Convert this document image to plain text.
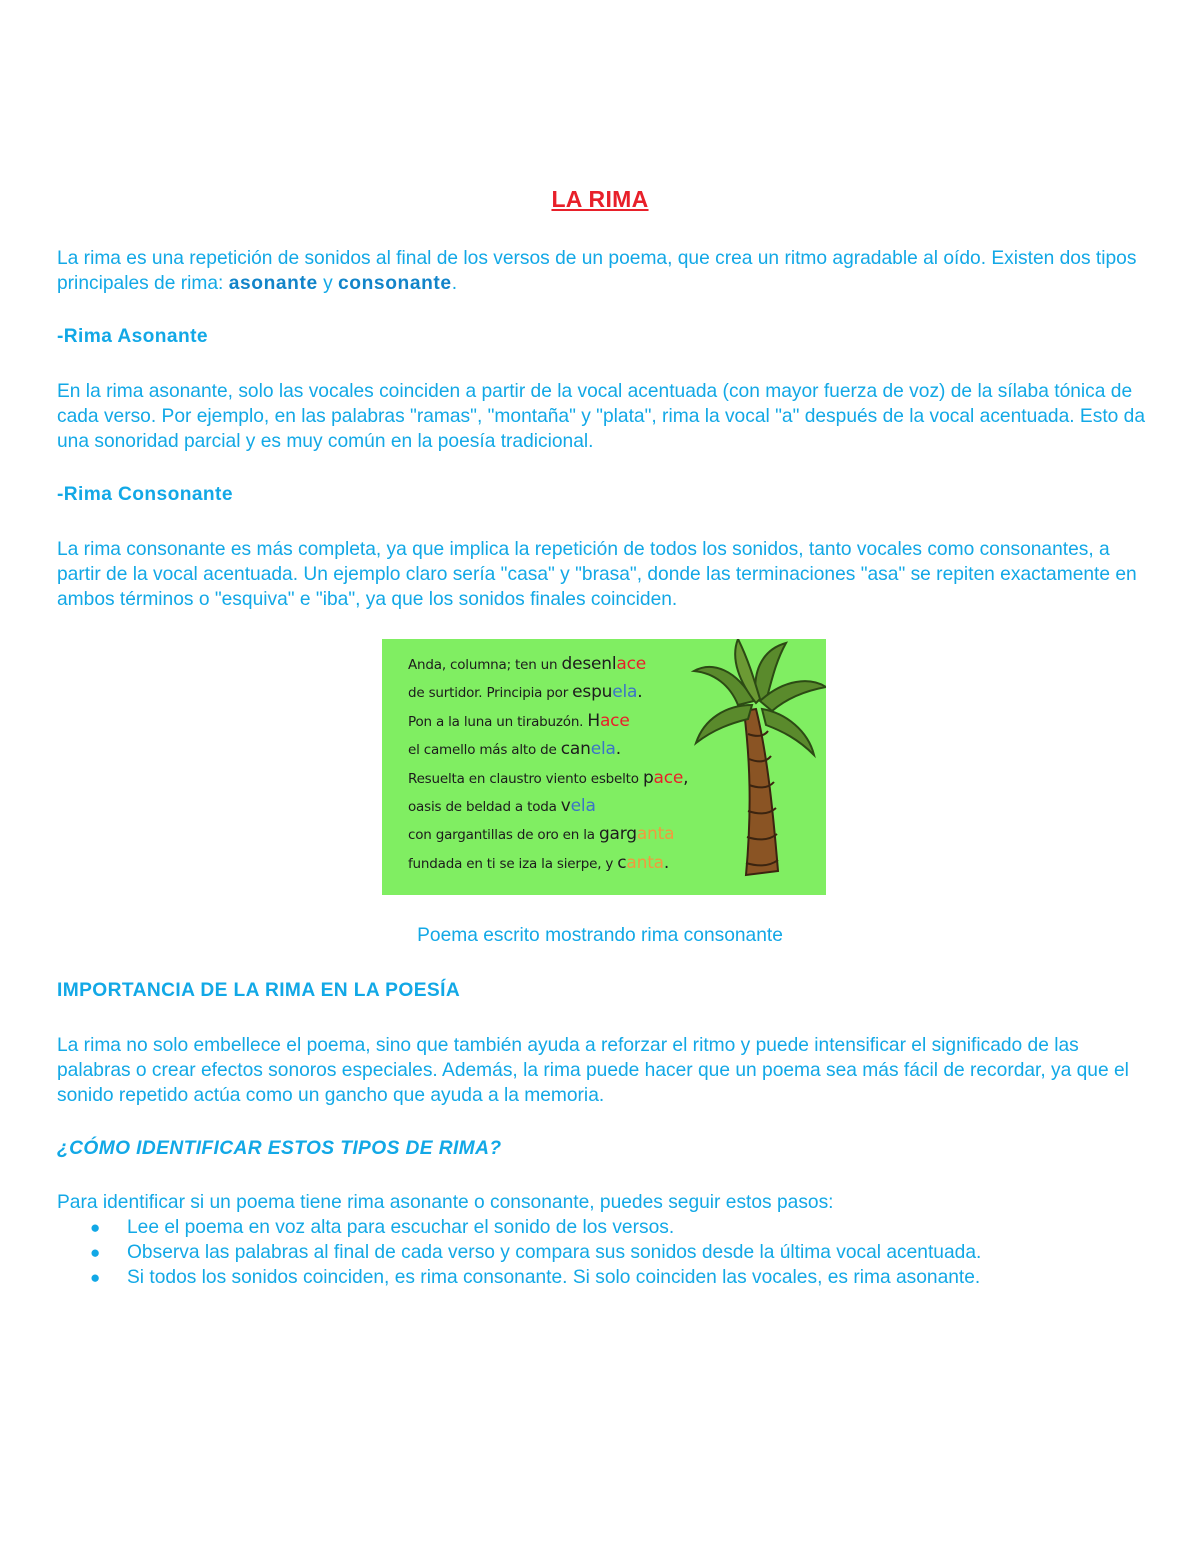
LA RIMA
La rima es una repetición de sonidos al final de los versos de un poema, que crea un ritmo agradable al oído. Existen dos tipos principales de rima: asonante y consonante.
-Rima Asonante
En la rima asonante, solo las vocales coinciden a partir de la vocal acentuada (con mayor fuerza de voz) de la sílaba tónica de cada verso. Por ejemplo, en las palabras "ramas", "montaña" y "plata", rima la vocal "a" después de la vocal acentuada. Esto da una sonoridad parcial y es muy común en la poesía tradicional.
-Rima Consonante
La rima consonante es más completa, ya que implica la repetición de todos los sonidos, tanto vocales como consonantes, a partir de la vocal acentuada. Un ejemplo claro sería "casa" y "brasa", donde las terminaciones "asa" se repiten exactamente en ambos términos o "esquiva" e "iba", ya que los sonidos finales coinciden.
Anda, columna; ten un desenlace
de surtidor. Principia por espuela.
Pon a la luna un tirabuzón. Hace
el camello más alto de canela.
Resuelta en claustro viento esbelto pace,
oasis de beldad a toda vela
con gargantillas de oro en la garganta
fundada en ti se iza la sierpe, y canta.
Poema escrito mostrando rima consonante
IMPORTANCIA DE LA RIMA EN LA POESÍA
La rima no solo embellece el poema, sino que también ayuda a reforzar el ritmo y puede intensificar el significado de las palabras o crear efectos sonoros especiales. Además, la rima puede hacer que un poema sea más fácil de recordar, ya que el sonido repetido actúa como un gancho que ayuda a la memoria.
¿CÓMO IDENTIFICAR ESTOS TIPOS DE RIMA?
Para identificar si un poema tiene rima asonante o consonante, puedes seguir estos pasos:
● Lee el poema en voz alta para escuchar el sonido de los versos.
● Observa las palabras al final de cada verso y compara sus sonidos desde la última vocal acentuada.
● Si todos los sonidos coinciden, es rima consonante. Si solo coinciden las vocales, es rima asonante.
